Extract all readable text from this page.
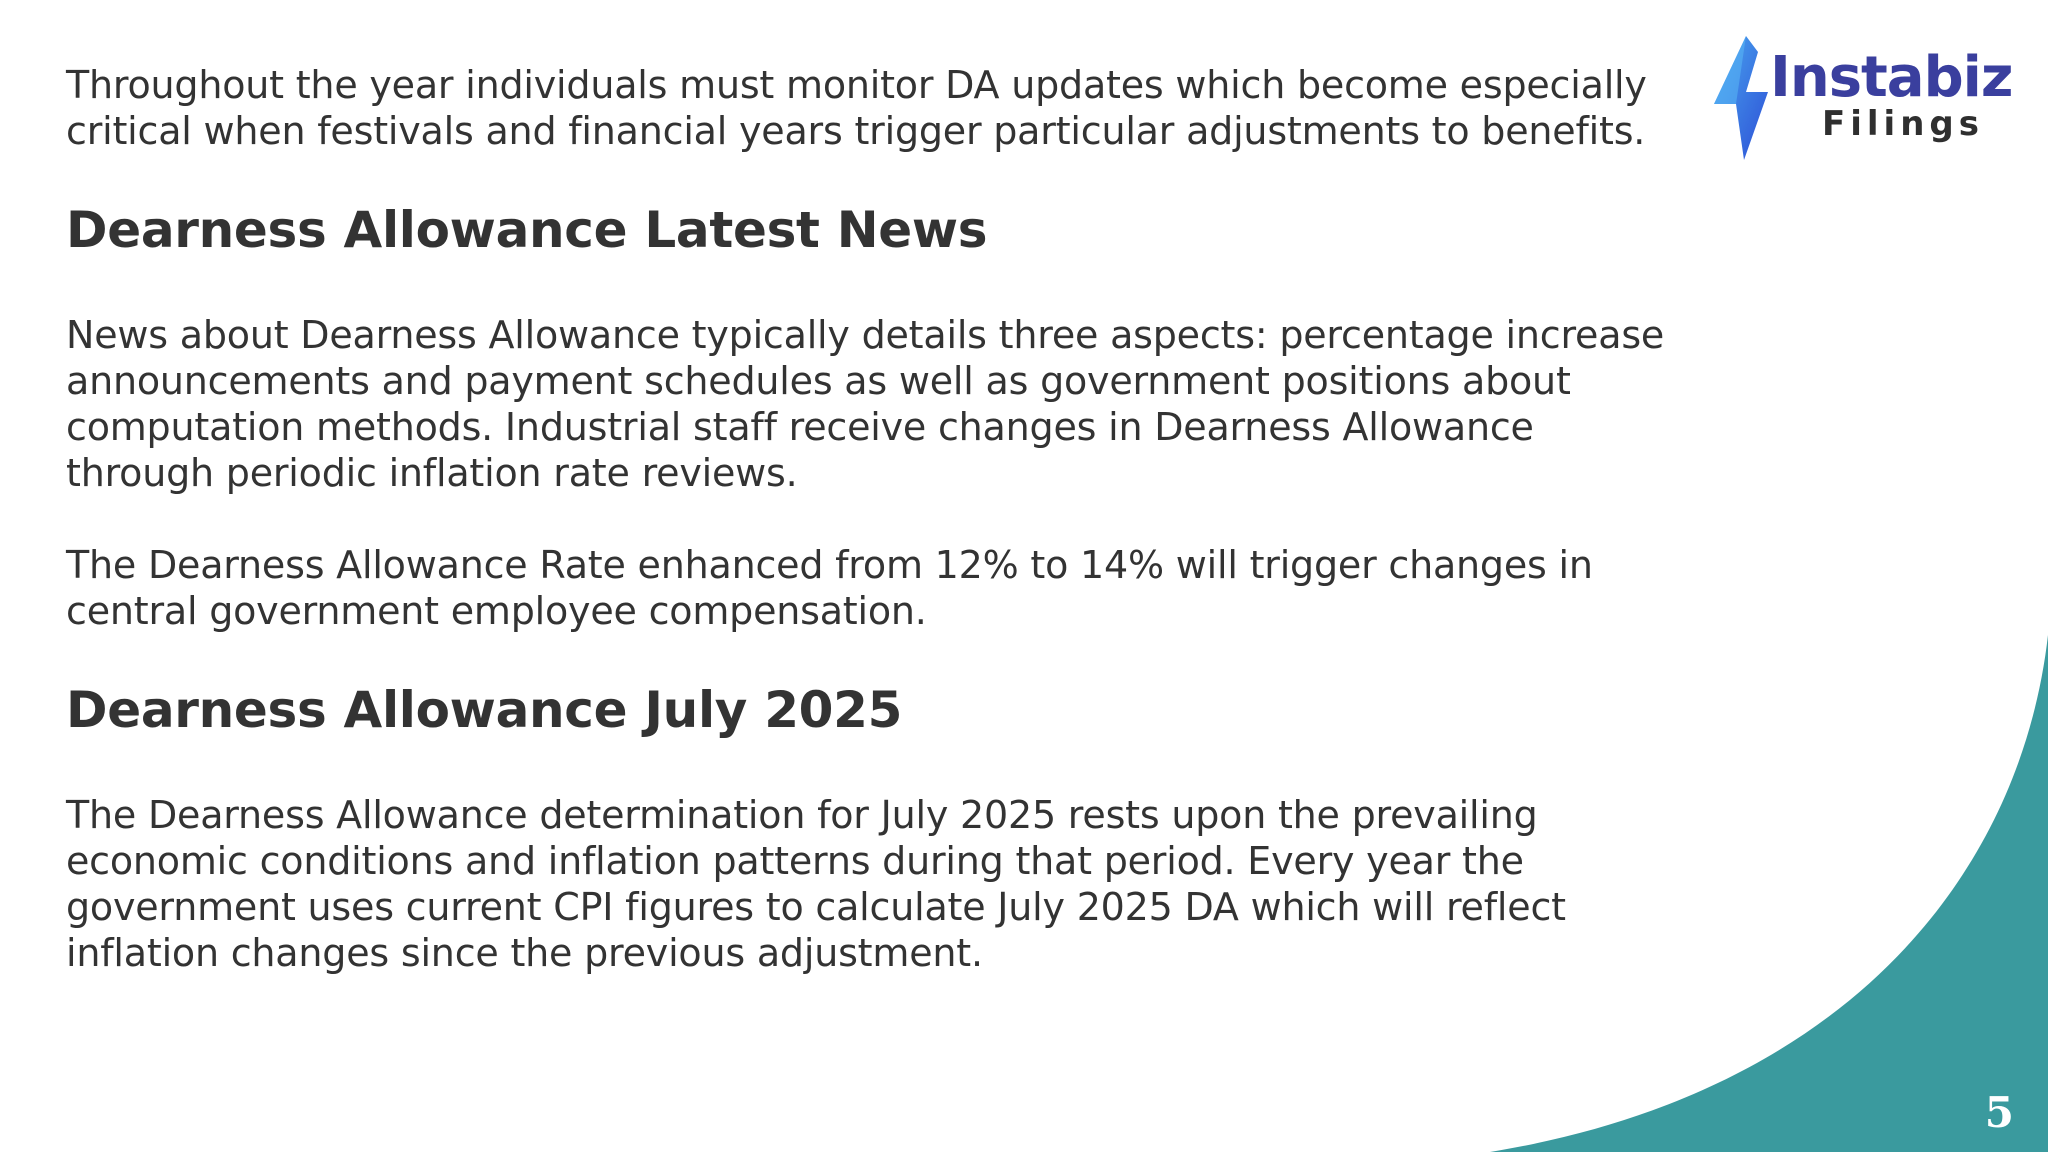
Throughout the year individuals must monitor DA updates which become especially critical when festivals and financial years trigger particular adjustments to benefits.

Dearness Allowance Latest News

News about Dearness Allowance typically details three aspects: percentage increase announcements and payment schedules as well as government positions about computation methods. Industrial staff receive changes in Dearness Allowance through periodic inflation rate reviews.

The Dearness Allowance Rate enhanced from 12% to 14% will trigger changes in central government employee compensation.

Dearness Allowance July 2025

The Dearness Allowance determination for July 2025 rests upon the prevailing economic conditions and inflation patterns during that period. Every year the government uses current CPI figures to calculate July 2025 DA which will reflect inflation changes since the previous adjustment.

Instabiz
Filings
5
